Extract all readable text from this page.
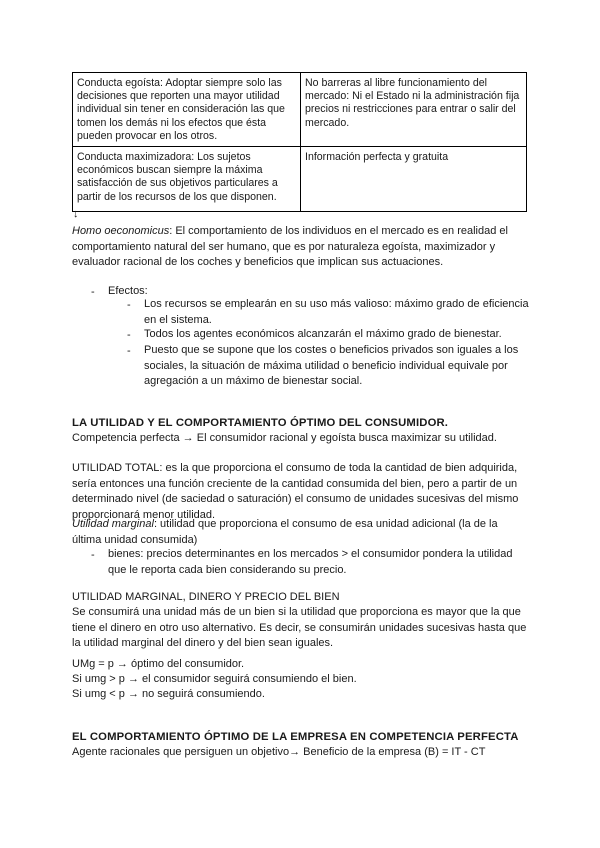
Conducta egoísta: Adoptar siempre solo las decisiones que reporten una mayor utilidad individual sin tener en consideración las que tomen los demás ni los efectos que ésta pueden provocar en los otros.	No barreras al libre funcionamiento del mercado: Ni el Estado ni la administración fija precios ni restricciones para entrar o salir del mercado.
Conducta maximizadora: Los sujetos económicos buscan siempre la máxima satisfacción de sus objetivos particulares a partir de los recursos de los que disponen.	Información perfecta y gratuita
↓
Homo oeconomicus: El comportamiento de los individuos en el mercado es en realidad el comportamiento natural del ser humano, que es por naturaleza egoísta, maximizador y evaluador racional de los coches y beneficios que implican sus actuaciones.
- Efectos:
- Los recursos se emplearán en su uso más valioso: máximo grado de eficiencia en el sistema.
- Todos los agentes económicos alcanzarán el máximo grado de bienestar.
- Puesto que se supone que los costes o beneficios privados son iguales a los sociales, la situación de máxima utilidad o beneficio individual equivale por agregación a un máximo de bienestar social.
LA UTILIDAD Y EL COMPORTAMIENTO ÓPTIMO DEL CONSUMIDOR.
Competencia perfecta → El consumidor racional y egoísta busca maximizar su utilidad.
UTILIDAD TOTAL: es la que proporciona el consumo de toda la cantidad de bien adquirida, sería entonces una función creciente de la cantidad consumida del bien, pero a partir de un determinado nivel (de saciedad o saturación) el consumo de unidades sucesivas del mismo proporcionará menor utilidad.
Utilidad marginal: utilidad que proporciona el consumo de esa unidad adicional (la de la última unidad consumida)
- bienes: precios determinantes en los mercados > el consumidor pondera la utilidad que le reporta cada bien considerando su precio.
UTILIDAD MARGINAL, DINERO Y PRECIO DEL BIEN
Se consumirá una unidad más de un bien si la utilidad que proporciona es mayor que la que tiene el dinero en otro uso alternativo. Es decir, se consumirán unidades sucesivas hasta que la utilidad marginal del dinero y del bien sean iguales.
UMg = p → óptimo del consumidor.
Si umg > p → el consumidor seguirá consumiendo el bien.
Si umg < p → no seguirá consumiendo.
EL COMPORTAMIENTO ÓPTIMO DE LA EMPRESA EN COMPETENCIA PERFECTA
Agente racionales que persiguen un objetivo→ Beneficio de la empresa (B) = IT - CT
